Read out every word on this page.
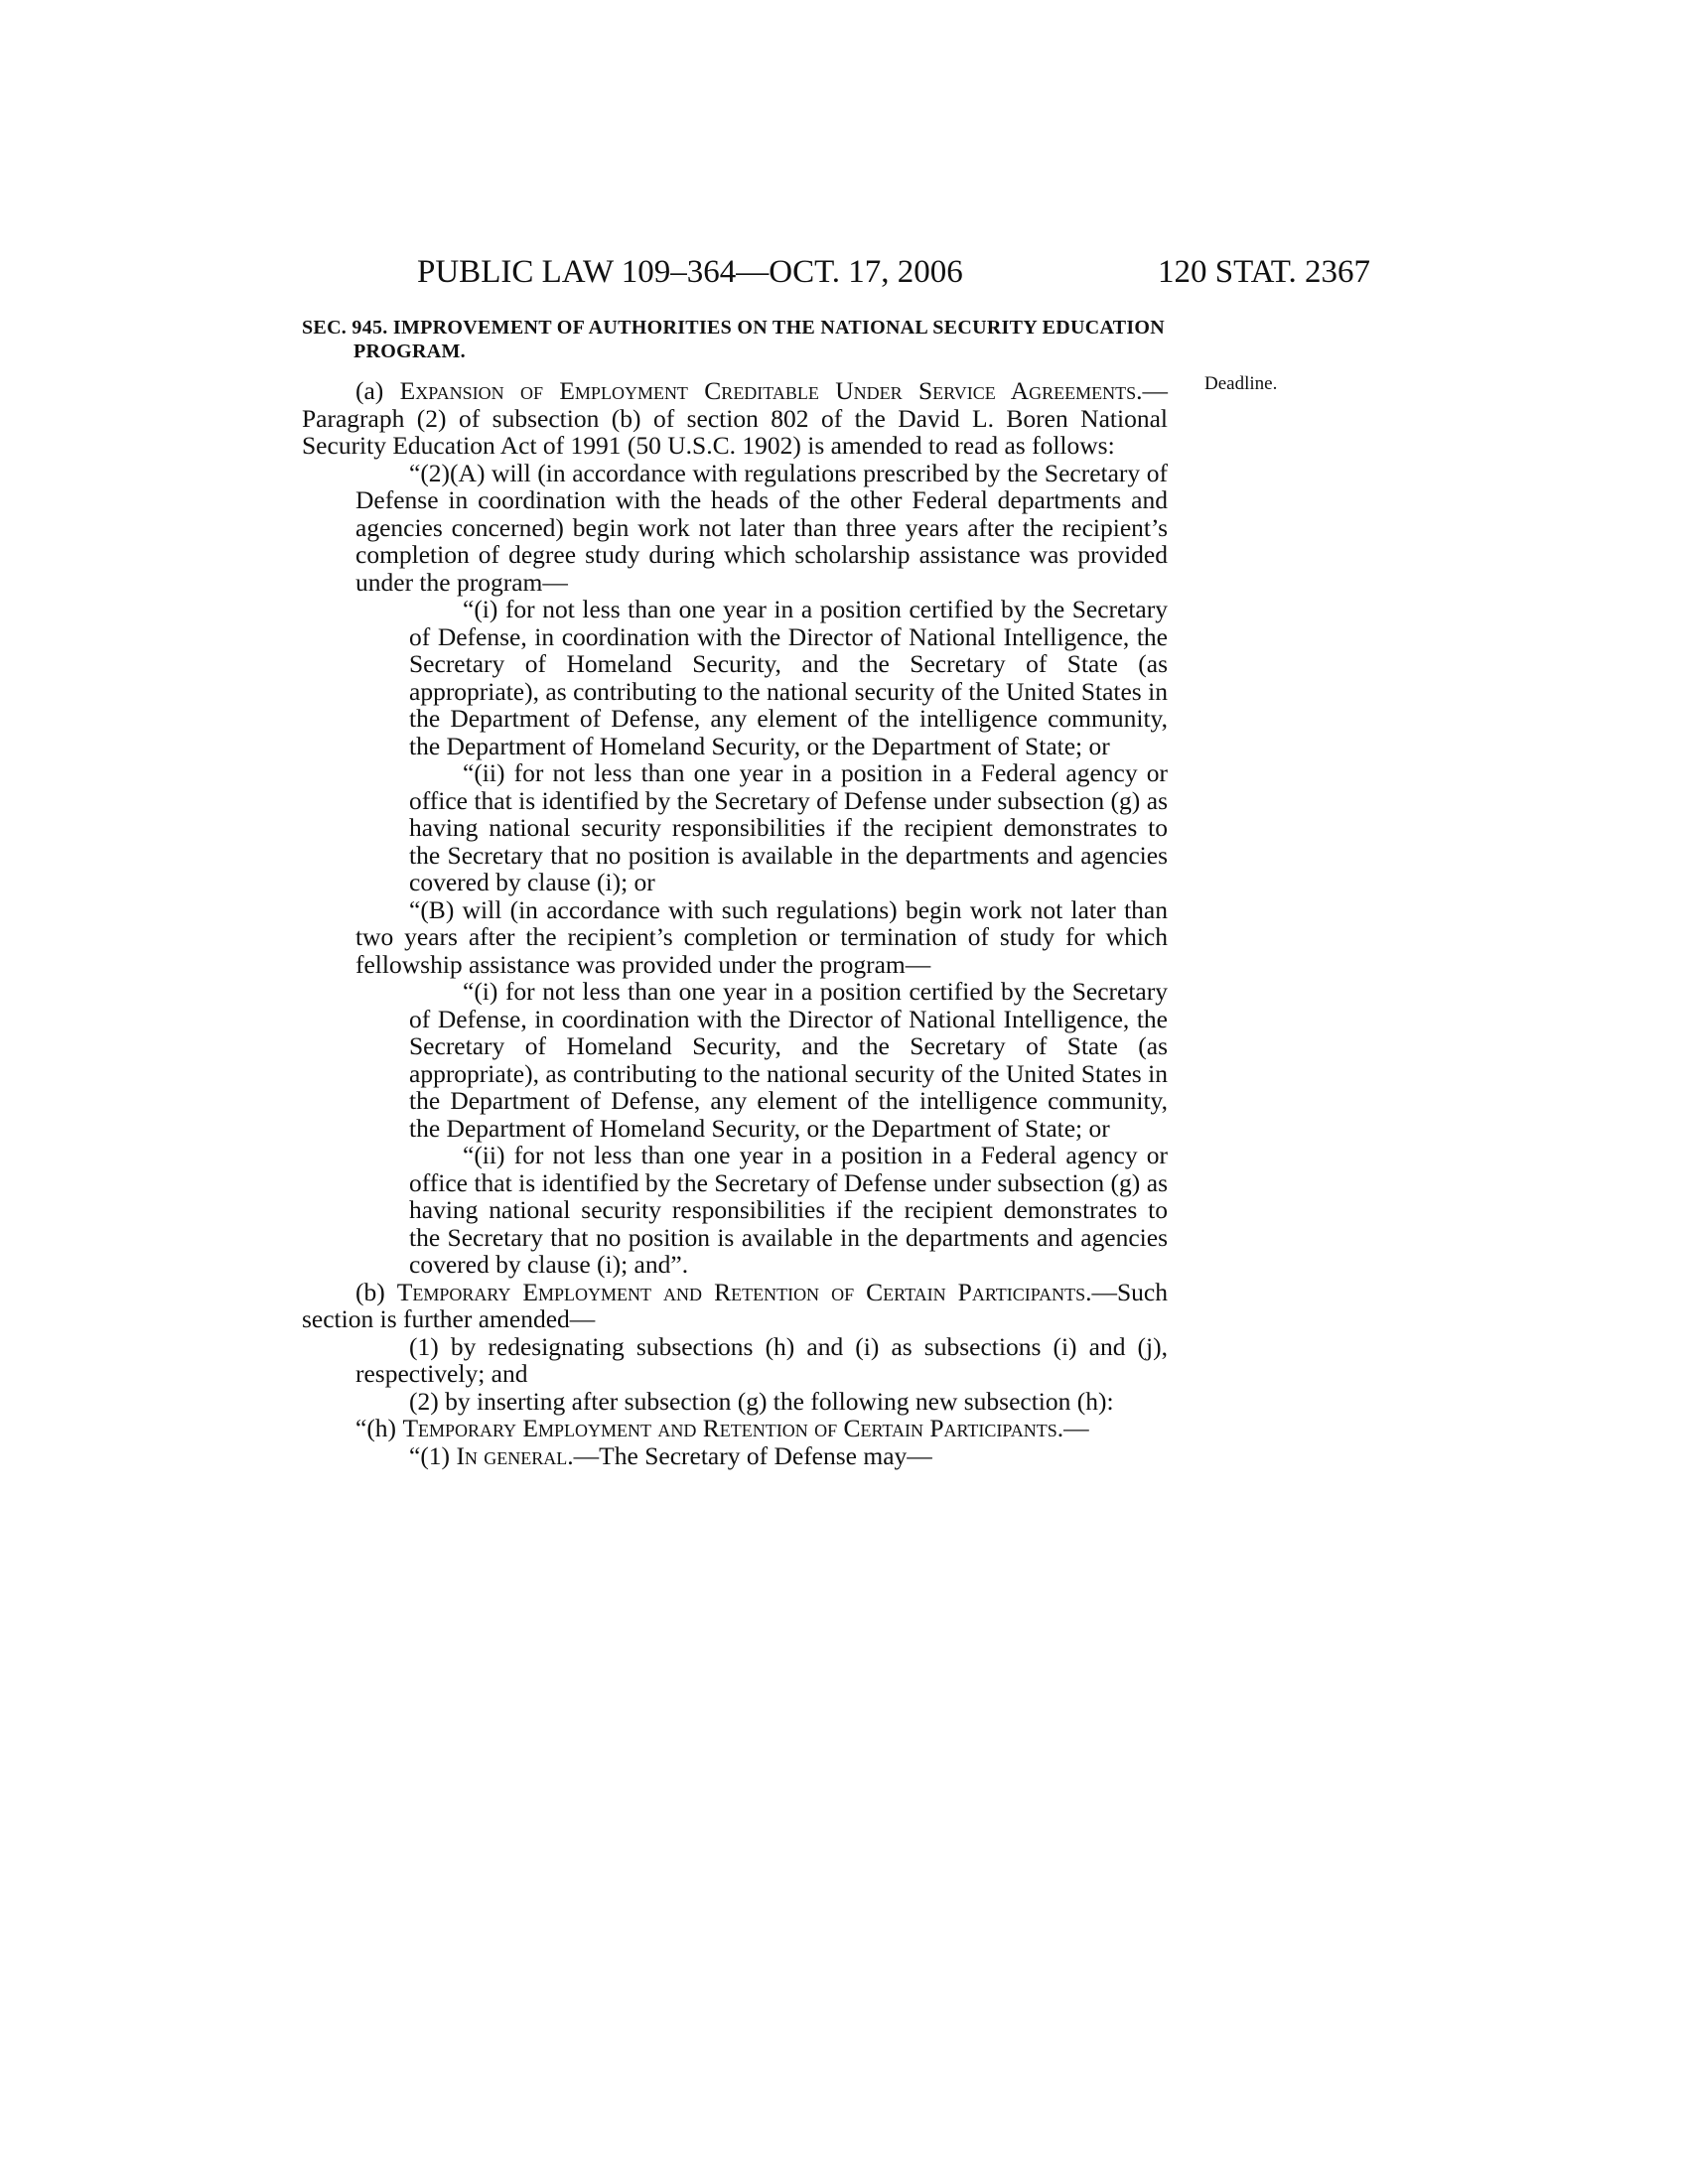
PUBLIC LAW 109–364—OCT. 17, 2006	120 STAT. 2367
Deadline.
SEC. 945. IMPROVEMENT OF AUTHORITIES ON THE NATIONAL SECURITY EDUCATION PROGRAM.

(a) Expansion of Employment Creditable Under Service Agreements.—Paragraph (2) of subsection (b) of section 802 of the David L. Boren National Security Education Act of 1991 (50 U.S.C. 1902) is amended to read as follows:

“(2)(A) will (in accordance with regulations prescribed by the Secretary of Defense in coordination with the heads of the other Federal departments and agencies concerned) begin work not later than three years after the recipient’s completion of degree study during which scholarship assistance was provided under the program—

“(i) for not less than one year in a position certified by the Secretary of Defense, in coordination with the Director of National Intelligence, the Secretary of Homeland Security, and the Secretary of State (as appropriate), as contributing to the national security of the United States in the Department of Defense, any element of the intelligence community, the Department of Homeland Security, or the Department of State; or

“(ii) for not less than one year in a position in a Federal agency or office that is identified by the Secretary of Defense under subsection (g) as having national security responsibilities if the recipient demonstrates to the Secretary that no position is available in the departments and agencies covered by clause (i); or

“(B) will (in accordance with such regulations) begin work not later than two years after the recipient’s completion or termination of study for which fellowship assistance was provided under the program—

“(i) for not less than one year in a position certified by the Secretary of Defense, in coordination with the Director of National Intelligence, the Secretary of Homeland Security, and the Secretary of State (as appropriate), as contributing to the national security of the United States in the Department of Defense, any element of the intelligence community, the Department of Homeland Security, or the Department of State; or

“(ii) for not less than one year in a position in a Federal agency or office that is identified by the Secretary of Defense under subsection (g) as having national security responsibilities if the recipient demonstrates to the Secretary that no position is available in the departments and agencies covered by clause (i); and”.

(b) Temporary Employment and Retention of Certain Participants.—Such section is further amended—

(1) by redesignating subsections (h) and (i) as subsections (i) and (j), respectively; and

(2) by inserting after subsection (g) the following new subsection (h):

“(h) Temporary Employment and Retention of Certain Participants.—

“(1) In general.—The Secretary of Defense may—
